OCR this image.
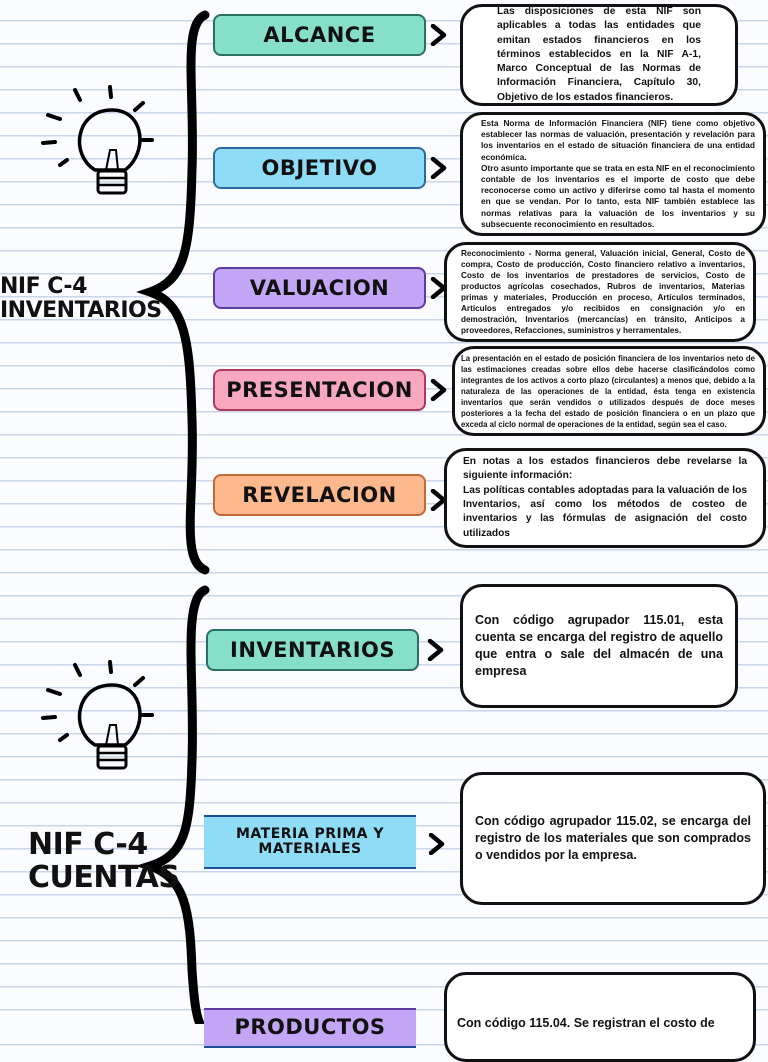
NIF C-4
INVENTARIOS
ALCANCE

Las disposiciones de esta NIF son aplicables a todas las entidades que emitan estados financieros en los términos establecidos en la NIF A-1, Marco Conceptual de las Normas de Información Financiera, Capítulo 30, Objetivo de los estados financieros.

OBJETIVO

Esta Norma de Información Financiera (NIF) tiene como objetivo establecer las normas de valuación, presentación y revelación para los inventarios en el estado de situación financiera de una entidad económica.
Otro asunto importante que se trata en esta NIF en el reconocimiento contable de los inventarios es el importe de costo que debe reconocerse como un activo y diferirse como tal hasta el momento en que se vendan. Por lo tanto, esta NIF también establece las normas relativas para la valuación de los inventarios y su subsecuente reconocimiento en resultados.

VALUACION

Reconocimiento - Norma general, Valuación inicial, General, Costo de compra, Costo de producción, Costo financiero relativo a inventarios, Costo de los inventarios de prestadores de servicios, Costo de productos agrícolas cosechados, Rubros de inventarios, Materias primas y materiales, Producción en proceso, Artículos terminados, Artículos entregados y/o recibidos en consignación y/o en demostración, Inventarios (mercancías) en tránsito, Anticipos a proveedores, Refacciones, suministros y herramentales.

PRESENTACION

La presentación en el estado de posición financiera de los inventarios neto de las estimaciones creadas sobre ellos debe hacerse clasificándolos como integrantes de los activos a corto plazo (circulantes) a menos que, debido a la naturaleza de las operaciones de la entidad, ésta tenga en existencia inventarios que serán vendidos o utilizados después de doce meses posteriores a la fecha del estado de posición financiera o en un plazo que exceda al ciclo normal de operaciones de la entidad, según sea el caso.

REVELACION

En notas a los estados financieros debe revelarse la siguiente información:
Las políticas contables adoptadas para la valuación de los Inventarios, así como los métodos de costeo de inventarios y las fórmulas de asignación del costo utilizados

NIF C-4
CUENTAS
INVENTARIOS

Con código agrupador 115.01, esta cuenta se encarga del registro de aquello que entra o sale del almacén de una empresa

MATERIA PRIMA Y
MATERIALES

Con código agrupador 115.02, se encarga del registro de los materiales que son comprados o vendidos por la empresa.

PRODUCTOS	Con código 115.04. Se registran el costo de
